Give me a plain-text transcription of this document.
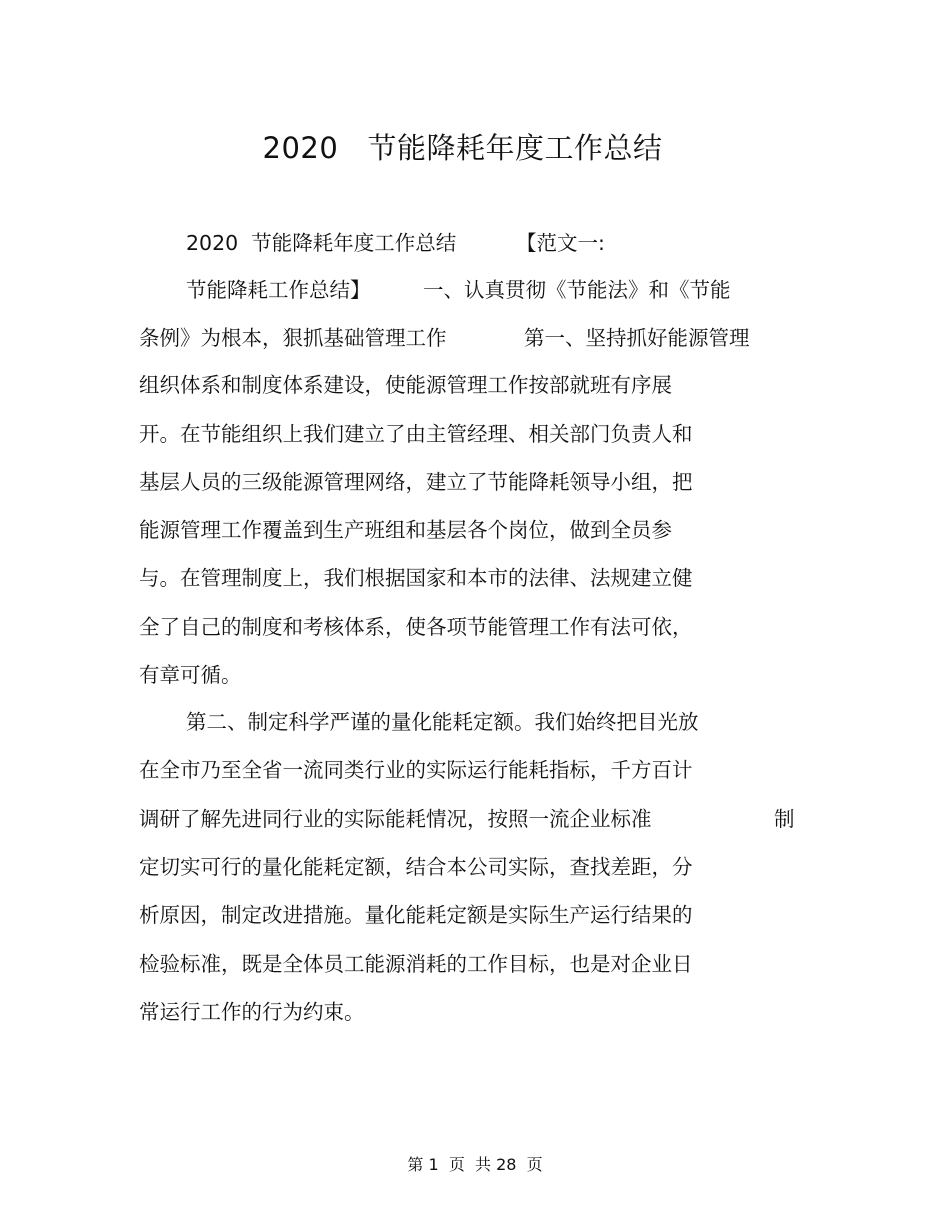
2020   节能降耗年度工作总结

2020  节能降耗年度工作总结

	【范文一:

节能降耗工作总结】

	一、认真贯彻《节能法》和《节能

条例》为根本，狠抓基础管理工作

	第一、坚持抓好能源管理

组织体系和制度体系建设，使能源管理工作按部就班有序展

开。在节能组织上我们建立了由主管经理、相关部门负责人和

基层人员的三级能源管理网络，建立了节能降耗领导小组，把

能源管理工作覆盖到生产班组和基层各个岗位，做到全员参

与。在管理制度上，我们根据国家和本市的法律、法规建立健

全了自己的制度和考核体系，使各项节能管理工作有法可依，

有章可循。

第二、制定科学严谨的量化能耗定额。我们始终把目光放

在全市乃至全省一流同类行业的实际运行能耗指标，千方百计

调研了解先进同行业的实际能耗情况，按照一流企业标准

	制

定切实可行的量化能耗定额，结合本公司实际，查找差距，分

析原因，制定改进措施。量化能耗定额是实际生产运行结果的

检验标准，既是全体员工能源消耗的工作目标，也是对企业日

常运行工作的行为约束。

第 1  页  共 28  页
